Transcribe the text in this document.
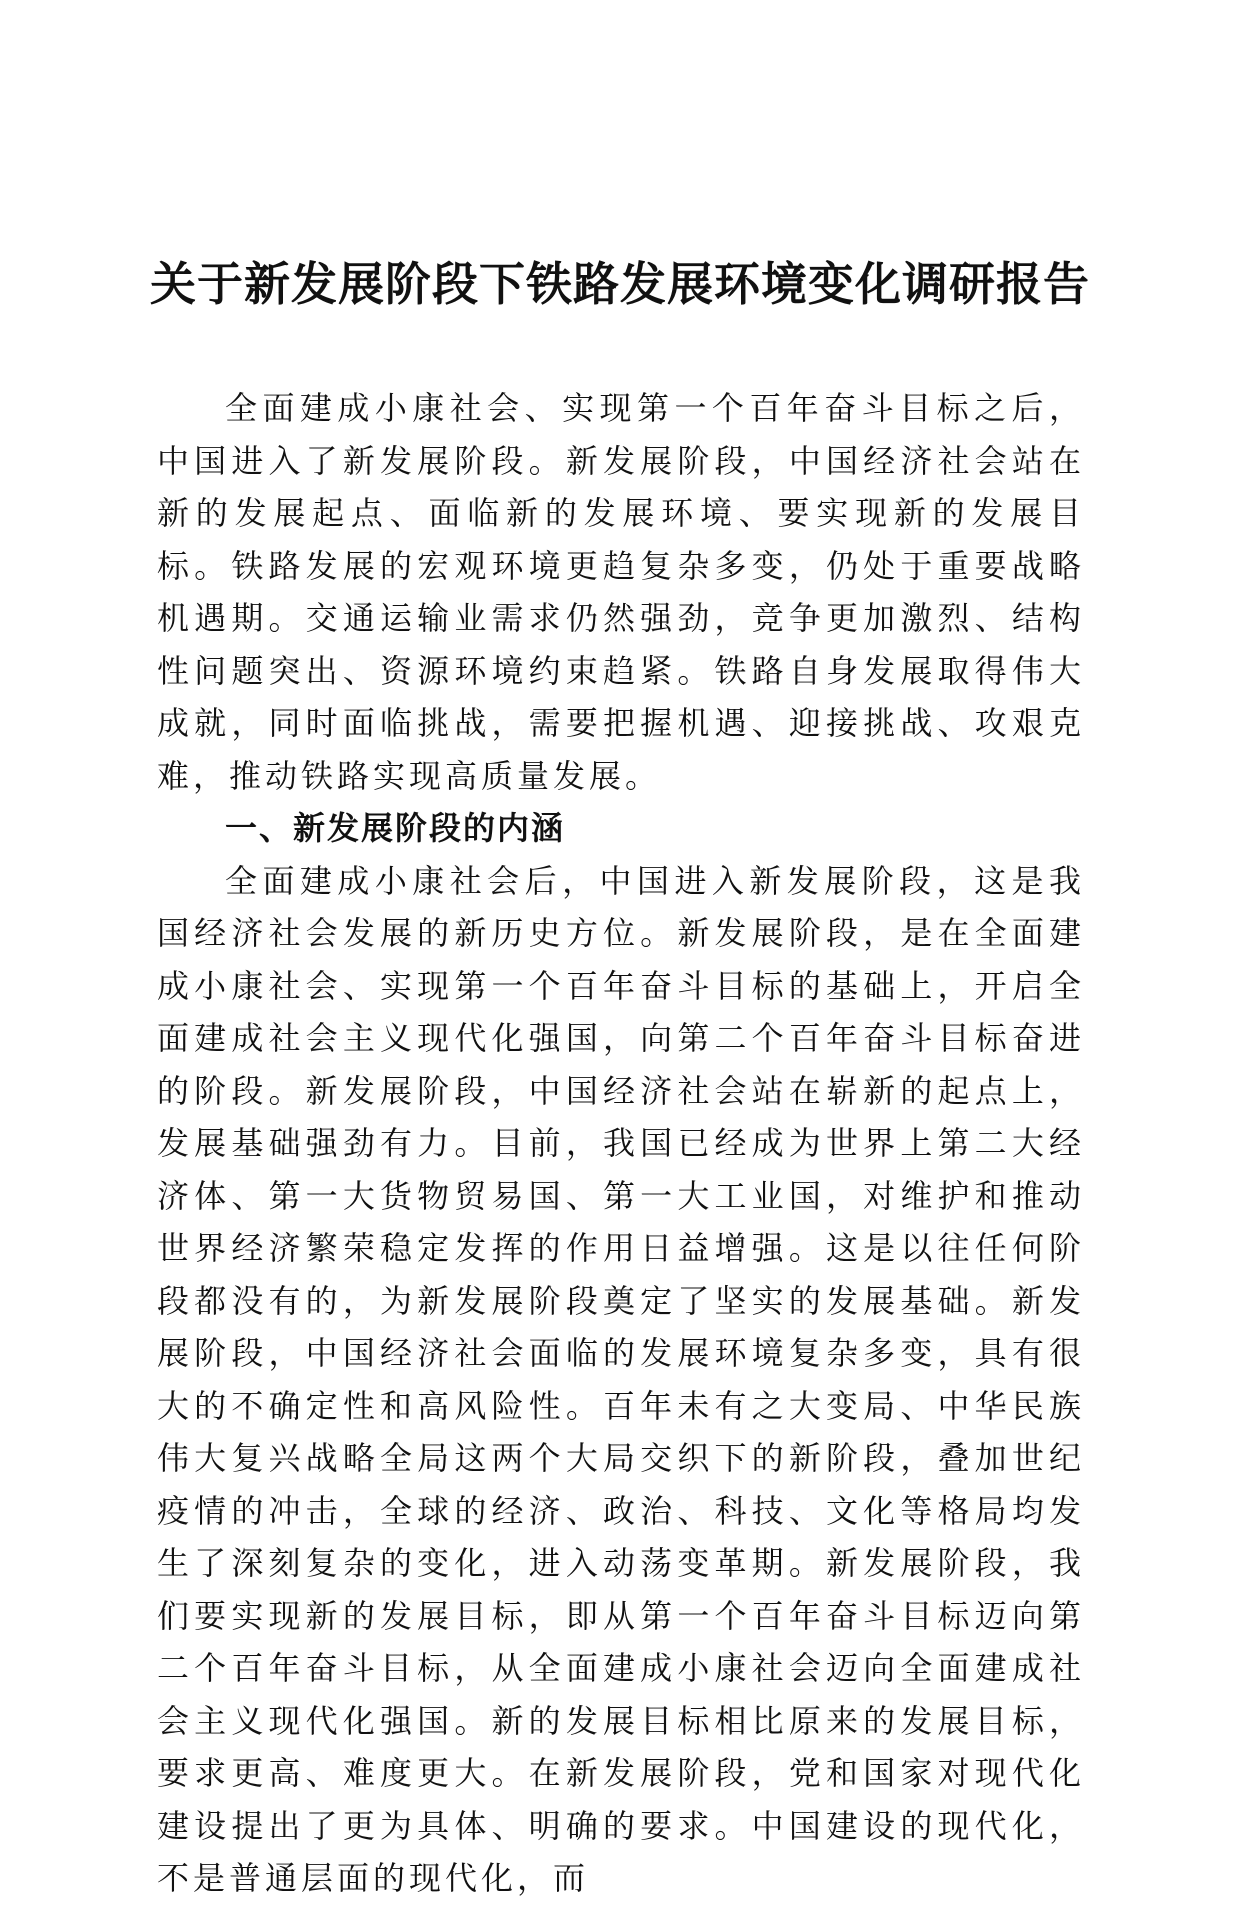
关于新发展阶段下铁路发展环境变化调研报告

全面建成小康社会、实现第一个百年奋斗目标之后，中国进入了新发展阶段。新发展阶段，中国经济社会站在新的发展起点、面临新的发展环境、要实现新的发展目标。铁路发展的宏观环境更趋复杂多变，仍处于重要战略机遇期。交通运输业需求仍然强劲，竞争更加激烈、结构性问题突出、资源环境约束趋紧。铁路自身发展取得伟大成就，同时面临挑战，需要把握机遇、迎接挑战、攻艰克难，推动铁路实现高质量发展。

一、新发展阶段的内涵

全面建成小康社会后，中国进入新发展阶段，这是我国经济社会发展的新历史方位。新发展阶段，是在全面建成小康社会、实现第一个百年奋斗目标的基础上，开启全面建成社会主义现代化强国，向第二个百年奋斗目标奋进的阶段。新发展阶段，中国经济社会站在崭新的起点上，发展基础强劲有力。目前，我国已经成为世界上第二大经济体、第一大货物贸易国、第一大工业国，对维护和推动世界经济繁荣稳定发挥的作用日益增强。这是以往任何阶段都没有的，为新发展阶段奠定了坚实的发展基础。新发展阶段，中国经济社会面临的发展环境复杂多变，具有很大的不确定性和高风险性。百年未有之大变局、中华民族伟大复兴战略全局这两个大局交织下的新阶段，叠加世纪疫情的冲击，全球的经济、政治、科技、文化等格局均发生了深刻复杂的变化，进入动荡变革期。新发展阶段，我们要实现新的发展目标，即从第一个百年奋斗目标迈向第二个百年奋斗目标，从全面建成小康社会迈向全面建成社会主义现代化强国。新的发展目标相比原来的发展目标，要求更高、难度更大。在新发展阶段，党和国家对现代化建设提出了更为具体、明确的要求。中国建设的现代化，不是普通层面的现代化，而
